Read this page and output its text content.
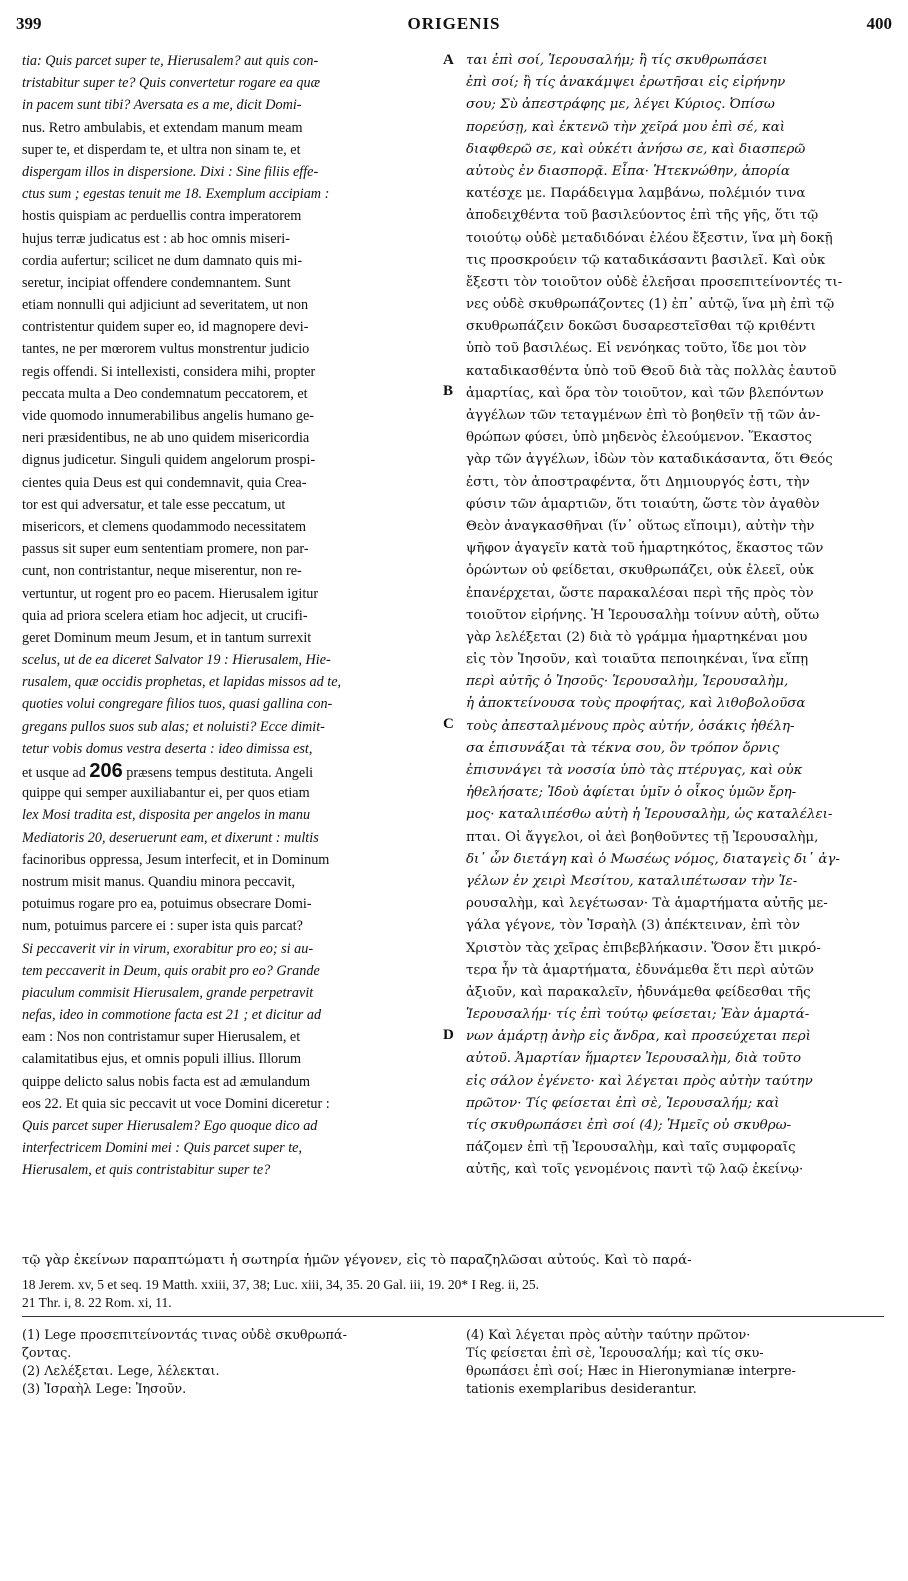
399	ORIGENIS	400
A
B
C
D
tia: Quis parcet super te, Hierusalem? aut quis con-
tristabitur super te? Quis convertetur rogare ea quæ
in pacem sunt tibi? Aversata es a me, dicit Domi-
nus. Retro ambulabis, et extendam manum meam
super te, et disperdam te, et ultra non sinam te, et
dispergam illos in dispersione. Dixi : Sine filiis effe-
ctus sum ; egestas tenuit me 18. Exemplum accipiam :
hostis quispiam ac perduellis contra imperatorem
hujus terræ judicatus est : ab hoc omnis miseri-
cordia aufertur; scilicet ne dum damnato quis mi-
seretur, incipiat offendere condemnantem. Sunt
etiam nonnulli qui adjiciunt ad severitatem, ut non
contristentur quidem super eo, id magnopere devi-
tantes, ne per mœrorem vultus monstrentur judicio
regis offendi. Si intellexisti, considera mihi, propter
peccata multa a Deo condemnatum peccatorem, et
vide quomodo innumerabilibus angelis humano ge-
neri præsidentibus, ne ab uno quidem misericordia
dignus judicetur. Singuli quidem angelorum prospi-
cientes quia Deus est qui condemnavit, quia Crea-
tor est qui adversatur, et tale esse peccatum, ut
misericors, et clemens quodammodo necessitatem
passus sit super eum sententiam promere, non par-
cunt, non contristantur, neque miserentur, non re-
vertuntur, ut rogent pro eo pacem. Hierusalem igitur
quia ad priora scelera etiam hoc adjecit, ut crucifi-
geret Dominum meum Jesum, et in tantum surrexit
scelus, ut de ea diceret Salvator 19 : Hierusalem, Hie-
rusalem, quæ occidis prophetas, et lapidas missos ad te,
quoties volui congregare filios tuos, quasi gallina con-
gregans pullos suos sub alas; et noluisti? Ecce dimit-
tetur vobis domus vestra deserta : ideo dimissa est,
et usque ad 206 præsens tempus destituta. Angeli
quippe qui semper auxiliabantur ei, per quos etiam
lex Mosi tradita est, disposita per angelos in manu
Mediatoris 20, deseruerunt eam, et dixerunt : multis
facinoribus oppressa, Jesum interfecit, et in Dominum
nostrum misit manus. Quandiu minora peccavit,
potuimus rogare pro ea, potuimus obsecrare Domi-
num, potuimus parcere ei : super ista quis parcat?
Si peccaverit vir in virum, exorabitur pro eo; si au-
tem peccaverit in Deum, quis orabit pro eo? Grande
piaculum commisit Hierusalem, grande perpetravit
nefas, ideo in commotione facta est 21 ; et dicitur ad
eam : Nos non contristamur super Hierusalem, et
calamitatibus ejus, et omnis populi illius. Illorum
quippe delicto salus nobis facta est ad æmulandum
eos 22. Et quia sic peccavit ut voce Domini diceretur :
Quis parcet super Hierusalem? Ego quoque dico ad
interfectricem Domini mei : Quis parcet super te,
Hierusalem, et quis contristabitur super te?
ται ἐπὶ σοί, Ἱερουσαλήμ; ἢ τίς σκυθρωπάσει
ἐπὶ σοί; ἢ τίς ἀνακάμψει ἐρωτῆσαι εἰς εἰρήνην
σου; Σὺ ἀπεστράφης με, λέγει Κύριος. Ὀπίσω
πορεύσῃ, καὶ ἐκτενῶ τὴν χεῖρά μου ἐπὶ σέ, καὶ
διαφθερῶ σε, καὶ οὐκέτι ἀνήσω σε, καὶ διασπερῶ
αὐτοὺς ἐν διασπορᾷ. Εἶπα· Ἠτεκνώθην, ἀπορία
κατέσχε με. Παράδειγμα λαμβάνω, πολέμιόν τινα
ἀποδειχθέντα τοῦ βασιλεύοντος ἐπὶ τῆς γῆς, ὅτι τῷ
τοιούτῳ οὐδὲ μεταδιδόναι ἐλέου ἔξεστιν, ἵνα μὴ δοκῇ
τις προσκρούειν τῷ καταδικάσαντι βασιλεῖ. Καὶ οὐκ
ἔξεστι τὸν τοιοῦτον οὐδὲ ἐλεῆσαι προσεπιτείνοντές τι-
νες οὐδὲ σκυθρωπάζοντες (1) ἐπ᾽ αὐτῷ, ἵνα μὴ ἐπὶ τῷ
σκυθρωπάζειν δοκῶσι δυσαρεστεῖσθαι τῷ κριθέντι
ὑπὸ τοῦ βασιλέως. Εἰ νενόηκας τοῦτο, ἴδε μοι τὸν
καταδικασθέντα ὑπὸ τοῦ Θεοῦ διὰ τὰς πολλὰς ἑαυτοῦ
ἁμαρτίας, καὶ ὅρα τὸν τοιοῦτον, καὶ τῶν βλεπόντων
ἀγγέλων τῶν τεταγμένων ἐπὶ τὸ βοηθεῖν τῇ τῶν ἀν-
θρώπων φύσει, ὑπὸ μηδενὸς ἐλεούμενον. Ἕκαστος
γὰρ τῶν ἀγγέλων, ἰδὼν τὸν καταδικάσαντα, ὅτι Θεός
ἐστι, τὸν ἀποστραφέντα, ὅτι Δημιουργός ἐστι, τὴν
φύσιν τῶν ἁμαρτιῶν, ὅτι τοιαύτη, ὥστε τὸν ἀγαθὸν
Θεὸν ἀναγκασθῆναι (ἵν᾽ οὕτως εἴποιμι), αὐτὴν τὴν
ψῆφον ἀγαγεῖν κατὰ τοῦ ἡμαρτηκότος, ἕκαστος τῶν
ὁρώντων οὐ φείδεται, σκυθρωπάζει, οὐκ ἐλεεῖ, οὐκ
ἐπανέρχεται, ὥστε παρακαλέσαι περὶ τῆς πρὸς τὸν
τοιοῦτον εἰρήνης. Ἡ Ἱερουσαλὴμ τοίνυν αὐτὴ, οὕτω
γὰρ λελέξεται (2) διὰ τὸ γράμμα ἡμαρτηκέναι μου
εἰς τὸν Ἰησοῦν, καὶ τοιαῦτα πεποιηκέναι, ἵνα εἴπῃ
περὶ αὐτῆς ὁ Ἰησοῦς· Ἱερουσαλὴμ, Ἱερουσαλὴμ,
ἡ ἀποκτείνουσα τοὺς προφήτας, καὶ λιθοβολοῦσα
τοὺς ἀπεσταλμένους πρὸς αὐτήν, ὁσάκις ἠθέλη-
σα ἐπισυνάξαι τὰ τέκνα σου, ὃν τρόπον ὄρνις
ἐπισυνάγει τὰ νοσσία ὑπὸ τὰς πτέρυγας, καὶ οὐκ
ἠθελήσατε; Ἰδοὺ ἀφίεται ὑμῖν ὁ οἶκος ὑμῶν ἔρη-
μος· καταλιπέσθω αὐτὴ ἡ Ἱερουσαλὴμ, ὡς καταλέλει-
πται. Οἱ ἄγγελοι, οἱ ἀεὶ βοηθοῦντες τῇ Ἱερουσαλὴμ,
δι᾽ ὧν διετάγη καὶ ὁ Μωσέως νόμος, διαταγεὶς δι᾽ ἀγ-
γέλων ἐν χειρὶ Μεσίτου, καταλιπέτωσαν τὴν Ἱε-
ρουσαλὴμ, καὶ λεγέτωσαν· Τὰ ἁμαρτήματα αὐτῆς με-
γάλα γέγονε, τὸν Ἰσραὴλ (3) ἀπέκτειναν, ἐπὶ τὸν
Χριστὸν τὰς χεῖρας ἐπιβεβλήκασιν. Ὅσον ἔτι μικρό-
τερα ἦν τὰ ἁμαρτήματα, ἐδυνάμεθα ἔτι περὶ αὐτῶν
ἀξιοῦν, καὶ παρακαλεῖν, ἠδυνάμεθα φείδεσθαι τῆς
Ἱερουσαλήμ· τίς ἐπὶ τούτῳ φείσεται; Ἐὰν ἁμαρτά-
νων ἁμάρτῃ ἀνὴρ εἰς ἄνδρα, καὶ προσεύχεται περὶ
αὐτοῦ. Ἁμαρτίαν ἥμαρτεν Ἱερουσαλὴμ, διὰ τοῦτο
εἰς σάλον ἐγένετο· καὶ λέγεται πρὸς αὐτὴν ταύτην
πρῶτον· Τίς φείσεται ἐπὶ σὲ, Ἱερουσαλήμ; καὶ
τίς σκυθρωπάσει ἐπὶ σοί (4); Ἡμεῖς οὐ σκυθρω-
πάζομεν ἐπὶ τῇ Ἱερουσαλὴμ, καὶ ταῖς συμφοραῖς
αὐτῆς, καὶ τοῖς γενομένοις παντὶ τῷ λαῷ ἐκείνῳ·
τῷ γὰρ ἐκείνων παραπτώματι ἡ σωτηρία ἡμῶν γέγονεν, εἰς τὸ παραζηλῶσαι αὐτούς. Καὶ τὸ παρά-
18 Jerem. xv, 5 et seq. 19 Matth. xxiii, 37, 38; Luc. xiii, 34, 35. 20 Gal. iii, 19. 20* I Reg. ii, 25.
21 Thr. i, 8. 22 Rom. xi, 11.
(1) Lege προσεπιτείνοντάς τινας οὐδὲ σκυθρωπά-
ζοντας.
(2) Λελέξεται. Lege, λέλεκται.
(3) Ἰσραὴλ Lege: Ἰησοῦν.
(4) Καὶ λέγεται πρὸς αὐτὴν ταύτην πρῶτον·
Τίς φείσεται ἐπὶ σὲ, Ἱερουσαλήμ; καὶ τίς σκυ-
θρωπάσει ἐπὶ σοί; Hæc in Hieronymianæ interpre-
tationis exemplaribus desiderantur.
